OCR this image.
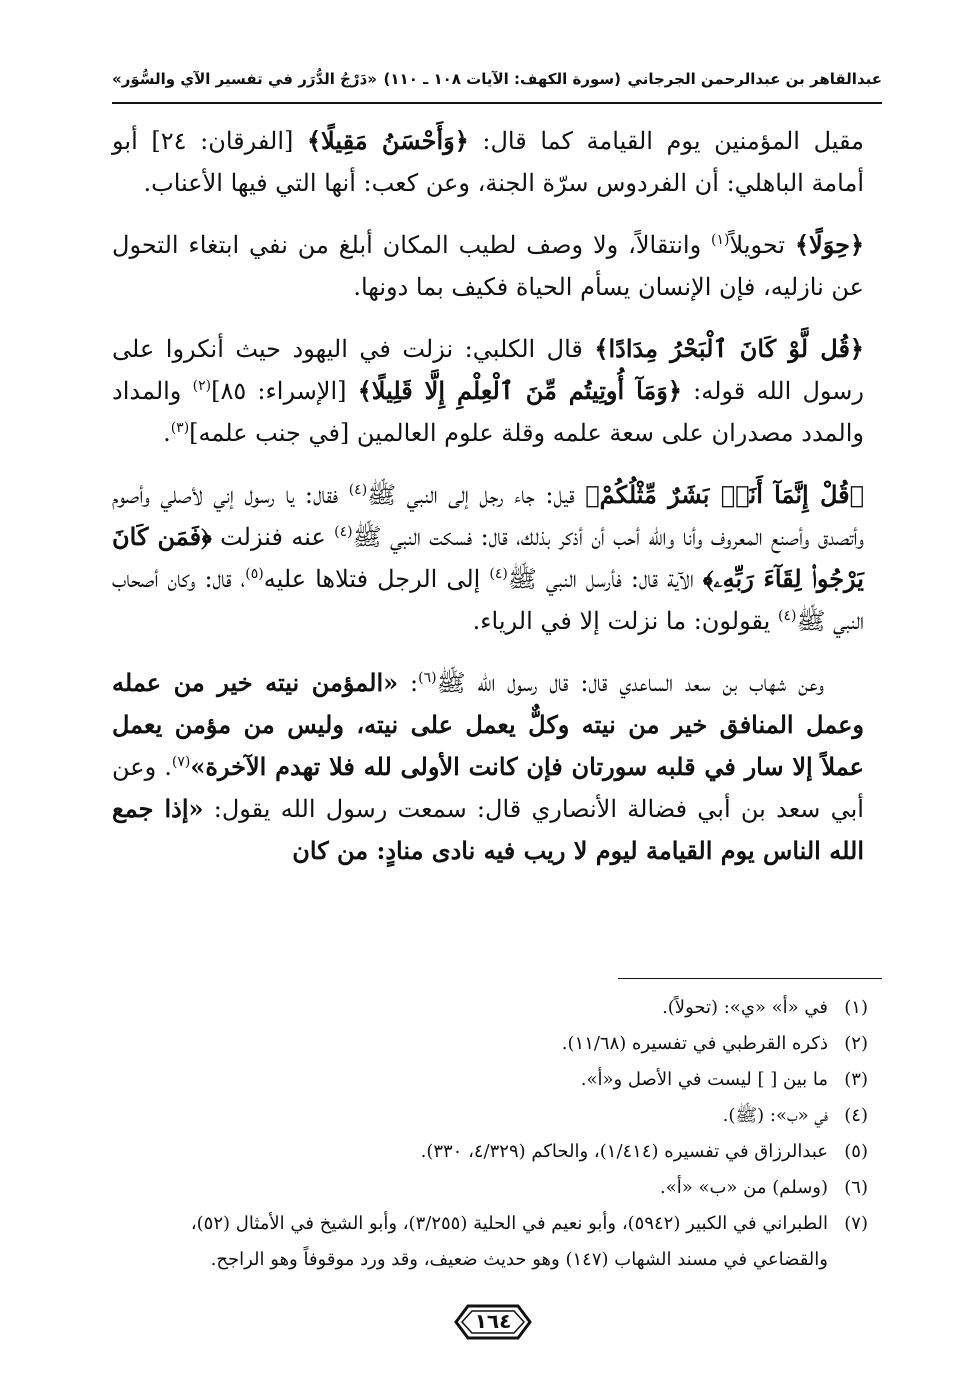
«دَرْجُ الدُّرَر في تفسير الآي والسُّوَر» (سورة الكهف: الآيات ١٠٨ ـ ١١٠) عبدالقاهر بن عبدالرحمن الجرجاني

مقيل المؤمنين يوم القيامة كما قال: ﴿وَأَحْسَنُ مَقِيلًا﴾ [الفرقان: ٢٤] أبو أمامة الباهلي: أن الفردوس سرّة الجنة، وعن كعب: أنها التي فيها الأعناب.

﴿حِوَلًا﴾ تحويلاً$^{(١)}$ وانتقالاً، ولا وصف لطيب المكان أبلغ من نفي ابتغاء التحول عن نازليه، فإن الإنسان يسأم الحياة فكيف بما دونها.

﴿قُل لَّوْ كَانَ ٱلْبَحْرُ مِدَادًا﴾ قال الكلبي: نزلت في اليهود حيث أنكروا على رسول الله قوله: ﴿وَمَآ أُوتِيتُم مِّنَ ٱلْعِلْمِ إِلَّا قَلِيلًا﴾ [الإسراء: ٨٥]$^{(٢)}$ والمداد والمدد مصدران على سعة علمه وقلة علوم العالمين [في جنب علمه]$^{(٣)}$.

﴿قُلْ إِنَّمَآ أَنَا۠ بَشَرٌ مِّثْلُكُمْ﴾ قيل: جاء رجل إلى النبي ﷺ$^{(٤)}$ فقال: يا رسول إني لأصلي وأصوم وأتصدق وأصنع المعروف وأنا والله أحب أن أذكر بذلك، قال: فسكت النبي ﷺ$^{(٤)}$ عنه فنزلت ﴿فَمَن كَانَ يَرْجُوا۟ لِقَآءَ رَبِّهِۦ﴾ الآية قال: فأرسل النبي ﷺ$^{(٤)}$ إلى الرجل فتلاها عليه$^{(٥)}$، قال: وكان أصحاب النبي ﷺ$^{(٤)}$ يقولون: ما نزلت إلا في الرياء.

وعن شهاب بن سعد الساعدي قال: قال رسول الله ﷺ$^{(٦)}$: «المؤمن نيته خير من عمله وعمل المنافق خير من نيته وكلٌّ يعمل على نيته، وليس من مؤمن يعمل عملاً إلا سار في قلبه سورتان فإن كانت الأولى لله فلا تهدم الآخرة»$^{(٧)}$. وعن أبي سعد بن أبي فضالة الأنصاري قال: سمعت رسول الله يقول: «إذا جمع الله الناس يوم القيامة ليوم لا ريب فيه نادى منادٍ: من كان

(١)
في «أ» «ي»: (تحولاً).
(٢)
ذكره القرطبي في تفسيره (١١/٦٨).
(٣)
ما بين [ ] ليست في الأصل و«أ».
(٤)
في «ب»: (ﷺ).
(٥)
عبدالرزاق في تفسيره (١/٤١٤)، والحاكم (٤/٣٢٩، ٣٣٠).
(٦)
(وسلم) من «ب» «أ».
(٧)
الطبراني في الكبير (٥٩٤٢)، وأبو نعيم في الحلية (٣/٢٥٥)، وأبو الشيخ في الأمثال (٥٢)، والقضاعي في مسند الشهاب (١٤٧) وهو حديث ضعيف، وقد ورد موقوفاً وهو الراجح.
١٦٤
